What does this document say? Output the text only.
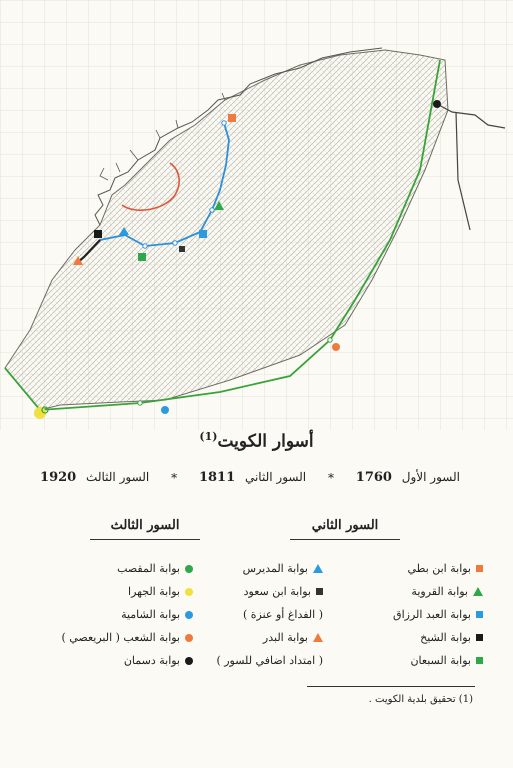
أسوار الكويت$^{(1)}$
السور الأول 1760
*
السور الثاني 1811
*
السور الثالث 1920
السور الثاني
السور الثالث
بوابة ابن بطي
بوابة القروية
بوابة العبد الرزاق
بوابة الشيخ
بوابة السبعان
بوابة المديرس
بوابة ابن سعود
( الفداغ أو عنزة )
بوابة البدر
( امتداد اضافي للسور )
بوابة المقصب
بوابة الجهرا
بوابة الشامية
بوابة الشعب ( البريعصي )
بوابة دسمان
(1) تحقيق بلدية الكويت .
